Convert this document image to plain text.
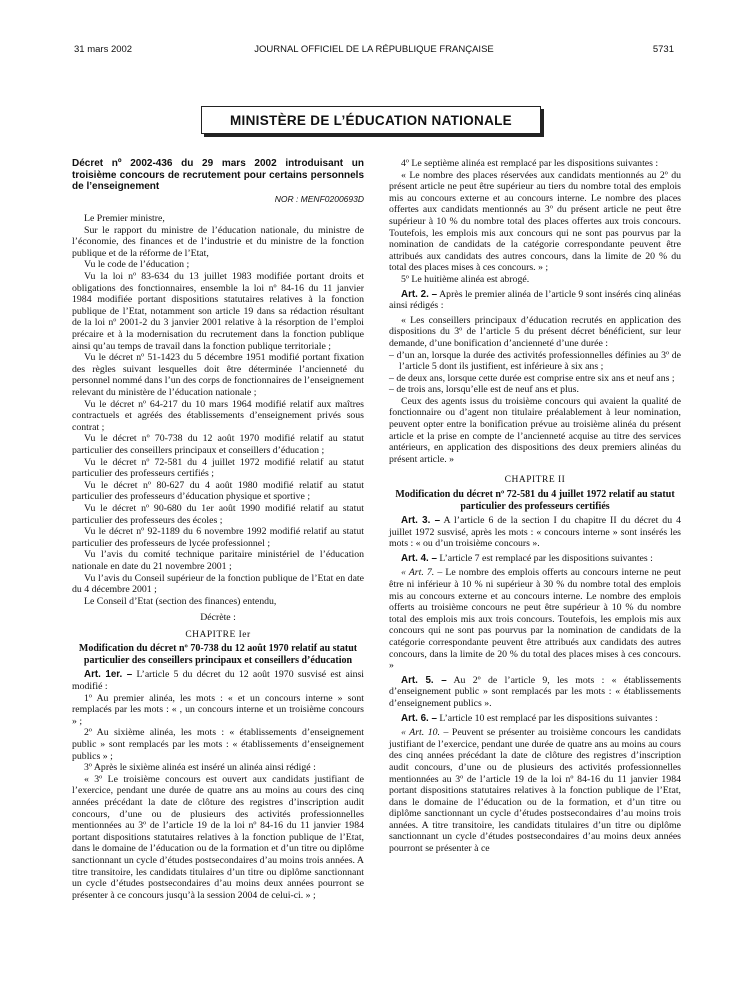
31 mars 2002	JOURNAL OFFICIEL DE LA RÉPUBLIQUE FRANÇAISE	5731
MINISTÈRE DE L’ÉDUCATION NATIONALE

Décret nº 2002-436 du 29 mars 2002 introduisant un troisième concours de recrutement pour certains personnels de l’enseignement

NOR : MENF0200693D

Le Premier ministre,

Sur le rapport du ministre de l’éducation nationale, du ministre de l’économie, des finances et de l’industrie et du ministre de la fonction publique et de la réforme de l’Etat,

Vu le code de l’éducation ;

Vu la loi nº 83-634 du 13 juillet 1983 modifiée portant droits et obligations des fonctionnaires, ensemble la loi nº 84-16 du 11 janvier 1984 modifiée portant dispositions statutaires relatives à la fonction publique de l’Etat, notamment son article 19 dans sa rédaction résultant de la loi nº 2001-2 du 3 janvier 2001 relative à la résorption de l’emploi précaire et à la modernisation du recrutement dans la fonction publique ainsi qu’au temps de travail dans la fonction publique territoriale ;

Vu le décret nº 51-1423 du 5 décembre 1951 modifié portant fixation des règles suivant lesquelles doit être déterminée l’ancienneté du personnel nommé dans l’un des corps de fonctionnaires de l’enseignement relevant du ministère de l’éducation nationale ;

Vu le décret nº 64-217 du 10 mars 1964 modifié relatif aux maîtres contractuels et agréés des établissements d’enseignement privés sous contrat ;

Vu le décret nº 70-738 du 12 août 1970 modifié relatif au statut particulier des conseillers principaux et conseillers d’éducation ;

Vu le décret nº 72-581 du 4 juillet 1972 modifié relatif au statut particulier des professeurs certifiés ;

Vu le décret nº 80-627 du 4 août 1980 modifié relatif au statut particulier des professeurs d’éducation physique et sportive ;

Vu le décret nº 90-680 du 1er août 1990 modifié relatif au statut particulier des professeurs des écoles ;

Vu le décret nº 92-1189 du 6 novembre 1992 modifié relatif au statut particulier des professeurs de lycée professionnel ;

Vu l’avis du comité technique paritaire ministériel de l’éducation nationale en date du 21 novembre 2001 ;

Vu l’avis du Conseil supérieur de la fonction publique de l’Etat en date du 4 décembre 2001 ;

Le Conseil d’Etat (section des finances) entendu,

Décrète :

CHAPITRE Ier

Modification du décret nº 70-738 du 12 août 1970 relatif au statut particulier des conseillers principaux et conseillers d’éducation

Art. 1er. – L’article 5 du décret du 12 août 1970 susvisé est ainsi modifié :

1º Au premier alinéa, les mots : « et un concours interne » sont remplacés par les mots : « , un concours interne et un troisième concours » ;

2º Au sixième alinéa, les mots : « établissements d’enseignement public » sont remplacés par les mots : « établissements d’enseignement publics » ;

3º Après le sixième alinéa est inséré un alinéa ainsi rédigé :

« 3º Le troisième concours est ouvert aux candidats justifiant de l’exercice, pendant une durée de quatre ans au moins au cours des cinq années précédant la date de clôture des registres d’inscription audit concours, d’une ou de plusieurs des activités professionnelles mentionnées au 3º de l’article 19 de la loi nº 84-16 du 11 janvier 1984 portant dispositions statutaires relatives à la fonction publique de l’Etat, dans le domaine de l’éducation ou de la formation et d’un titre ou diplôme sanctionnant un cycle d’études postsecondaires d’au moins trois années. A titre transitoire, les candidats titulaires d’un titre ou diplôme sanctionnant un cycle d’études postsecondaires d’au moins deux années pourront se présenter à ce concours jusqu’à la session 2004 de celui-ci. » ;

4º Le septième alinéa est remplacé par les dispositions suivantes :

« Le nombre des places réservées aux candidats mentionnés au 2º du présent article ne peut être supérieur au tiers du nombre total des emplois mis au concours externe et au concours interne. Le nombre des places offertes aux candidats mentionnés au 3º du présent article ne peut être supérieur à 10 % du nombre total des places offertes aux trois concours. Toutefois, les emplois mis aux concours qui ne sont pas pourvus par la nomination de candidats de la catégorie correspondante peuvent être attribués aux candidats des autres concours, dans la limite de 20 % du total des places mises à ces concours. » ;

5º Le huitième alinéa est abrogé.

Art. 2. – Après le premier alinéa de l’article 9 sont insérés cinq alinéas ainsi rédigés :

« Les conseillers principaux d’éducation recrutés en application des dispositions du 3º de l’article 5 du présent décret bénéficient, sur leur demande, d’une bonification d’ancienneté d’une durée :

– d’un an, lorsque la durée des activités professionnelles définies au 3º de l’article 5 dont ils justifient, est inférieure à six ans ;

– de deux ans, lorsque cette durée est comprise entre six ans et neuf ans ;

– de trois ans, lorsqu’elle est de neuf ans et plus.

Ceux des agents issus du troisième concours qui avaient la qualité de fonctionnaire ou d’agent non titulaire préalablement à leur nomination, peuvent opter entre la bonification prévue au troisième alinéa du présent article et la prise en compte de l’ancienneté acquise au titre des services antérieurs, en application des dispositions des deux premiers alinéas du présent article. »

CHAPITRE II

Modification du décret nº 72-581 du 4 juillet 1972 relatif au statut particulier des professeurs certifiés

Art. 3. – A l’article 6 de la section I du chapitre II du décret du 4 juillet 1972 susvisé, après les mots : « concours interne » sont insérés les mots : « ou d’un troisième concours ».

Art. 4. – L’article 7 est remplacé par les dispositions suivantes :

« Art. 7. – Le nombre des emplois offerts au concours interne ne peut être ni inférieur à 10 % ni supérieur à 30 % du nombre total des emplois mis au concours externe et au concours interne. Le nombre des emplois offerts au troisième concours ne peut être supérieur à 10 % du nombre total des emplois mis aux trois concours. Toutefois, les emplois mis aux concours qui ne sont pas pourvus par la nomination de candidats de la catégorie correspondante peuvent être attribués aux candidats des autres concours, dans la limite de 20 % du total des places mises à ces concours. »

Art. 5. – Au 2º de l’article 9, les mots : « établissements d’enseignement public » sont remplacés par les mots : « établissements d’enseignement publics ».

Art. 6. – L’article 10 est remplacé par les dispositions suivantes :

« Art. 10. – Peuvent se présenter au troisième concours les candidats justifiant de l’exercice, pendant une durée de quatre ans au moins au cours des cinq années précédant la date de clôture des registres d’inscription audit concours, d’une ou de plusieurs des activités professionnelles mentionnées au 3º de l’article 19 de la loi nº 84-16 du 11 janvier 1984 portant dispositions statutaires relatives à la fonction publique de l’Etat, dans le domaine de l’éducation ou de la formation, et d’un titre ou diplôme sanctionnant un cycle d’études postsecondaires d’au moins trois années. A titre transitoire, les candidats titulaires d’un titre ou diplôme sanctionnant un cycle d’études postsecondaires d’au moins deux années pourront se présenter à ce
